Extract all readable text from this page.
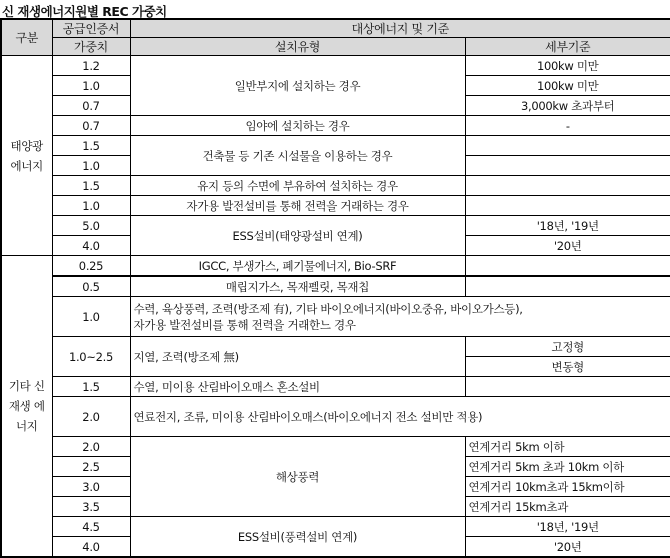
신 재생에너지원별 REC 가중치
구분	공급인증서	대상에너지 및 기준	
	가중치	설치유형	세부기준
태양광 에너지	1.2	일반부지에 설치하는 경우	100kw 미만
	1.0		100kw 미만
	0.7		3,000kw 초과부터
	0.7	임야에 설치하는 경우	-
	1.5	건축물 등 기존 시설물을 이용하는 경우	
	1.0		
	1.5	유지 등의 수면에 부유하여 설치하는 경우	
	1.0	자가용 발전설비를 통해 전력을 거래하는 경우	
	5.0	ESS설비(태양광설비 연계)	'18년, '19년
	4.0		'20년
기타 신재생 에너지	0.25	IGCC, 부생가스, 폐기물에너지, Bio-SRF	
	0.5	매립지가스, 목재펠릿, 목재칩	
	1.0	수력, 육상풍력, 조력(방조제 有), 기타 바이오에너지(바이오중유, 바이오가스등),
자가용 발전설비를 통해 전력을 거래한느 경우	

	1.0~2.5	지열, 조력(방조제 無)	고정형
			변동형
	1.5	수열, 미이용 산림바이오매스 혼소설비	
	2.0	연료전지, 조류, 미이용 산림바이오매스(바이오에너지 전소 설비만 적용)	
	2.0	해상풍력	연계거리 5km 이하
	2.5		연계거리 5km 초과 10km 이하
	3.0		연계거리 10km초과 15km이하
	3.5		연계거리 15km초과
	4.5	ESS설비(풍력설비 연계)	'18년, '19년
	4.0		'20년
